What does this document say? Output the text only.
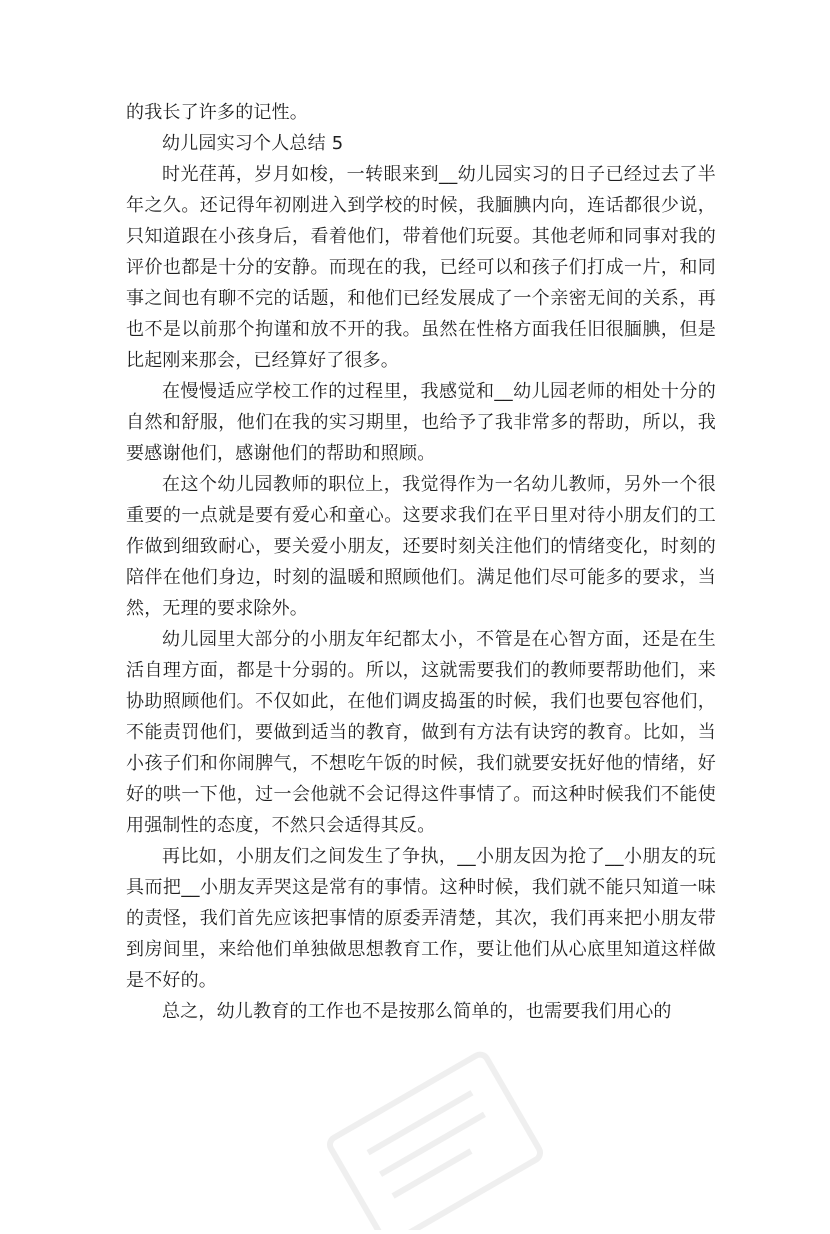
的我长了许多的记性。

幼儿园实习个人总结 5

时光荏苒，岁月如梭，一转眼来到__幼儿园实习的日子已经过去了半年之久。还记得年初刚进入到学校的时候，我腼腆内向，连话都很少说，只知道跟在小孩身后，看着他们，带着他们玩耍。其他老师和同事对我的评价也都是十分的安静。而现在的我，已经可以和孩子们打成一片，和同事之间也有聊不完的话题，和他们已经发展成了一个亲密无间的关系，再也不是以前那个拘谨和放不开的我。虽然在性格方面我任旧很腼腆，但是比起刚来那会，已经算好了很多。

在慢慢适应学校工作的过程里，我感觉和__幼儿园老师的相处十分的自然和舒服，他们在我的实习期里，也给予了我非常多的帮助，所以，我要感谢他们，感谢他们的帮助和照顾。

在这个幼儿园教师的职位上，我觉得作为一名幼儿教师，另外一个很重要的一点就是要有爱心和童心。这要求我们在平日里对待小朋友们的工作做到细致耐心，要关爱小朋友，还要时刻关注他们的情绪变化，时刻的陪伴在他们身边，时刻的温暖和照顾他们。满足他们尽可能多的要求，当然，无理的要求除外。

幼儿园里大部分的小朋友年纪都太小，不管是在心智方面，还是在生活自理方面，都是十分弱的。所以，这就需要我们的教师要帮助他们，来协助照顾他们。不仅如此，在他们调皮捣蛋的时候，我们也要包容他们，不能责罚他们，要做到适当的教育，做到有方法有诀窍的教育。比如，当小孩子们和你闹脾气，不想吃午饭的时候，我们就要安抚好他的情绪，好好的哄一下他，过一会他就不会记得这件事情了。而这种时候我们不能使用强制性的态度，不然只会适得其反。

再比如，小朋友们之间发生了争执，__小朋友因为抢了__小朋友的玩具而把__小朋友弄哭这是常有的事情。这种时候，我们就不能只知道一味的责怪，我们首先应该把事情的原委弄清楚，其次，我们再来把小朋友带到房间里，来给他们单独做思想教育工作，要让他们从心底里知道这样做是不好的。

总之，幼儿教育的工作也不是按那么简单的，也需要我们用心的
